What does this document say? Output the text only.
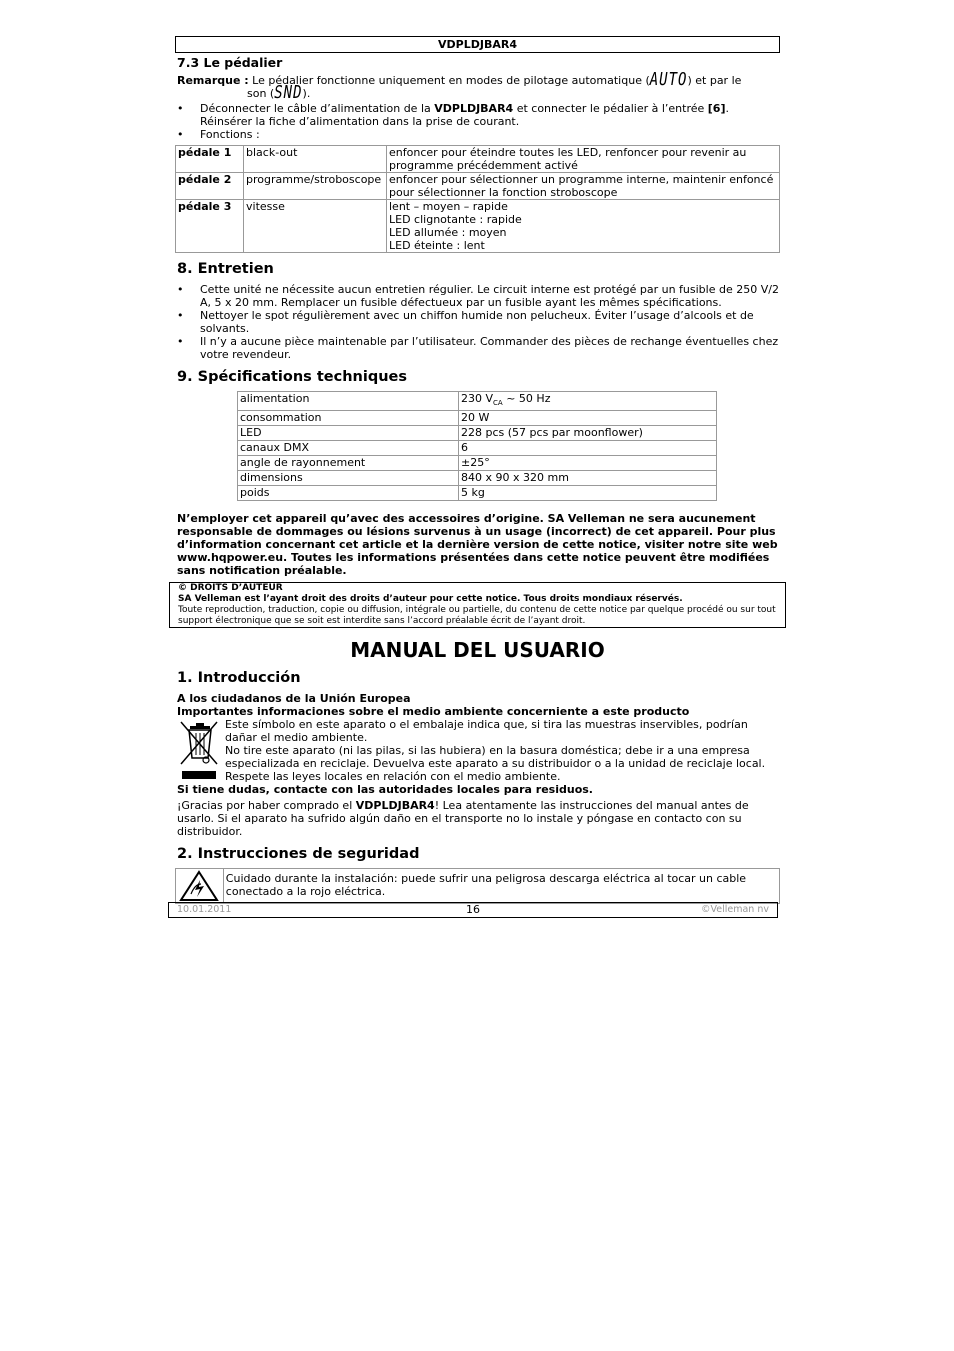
VDPLDJBAR4
7.3 Le pédalier

Remarque : Le pédalier fonctionne uniquement en modes de pilotage automatique (AUTO) et par le
son (SND).

• Déconnecter le câble d’alimentation de la VDPLDJBAR4 et connecter le pédalier à l’entrée [6]. Réinsérer la fiche d’alimentation dans la prise de courant.
• Fonctions :
pédale 1	black-out	enfoncer pour éteindre toutes les LED, renfoncer pour revenir au programme précédemment activé
pédale 2	programme/stroboscope	enfoncer pour sélectionner un programme interne, maintenir enfoncé pour sélectionner la fonction stroboscope
pédale 3	vitesse	lent – moyen – rapide
LED clignotante : rapide
LED allumée : moyen
LED éteinte : lent
8. Entretien
• Cette unité ne nécessite aucun entretien régulier. Le circuit interne est protégé par un fusible de 250 V/2 A, 5 x 20 mm. Remplacer un fusible défectueux par un fusible ayant les mêmes spécifications.
• Nettoyer le spot régulièrement avec un chiffon humide non pelucheux. Éviter l’usage d’alcools et de solvants.
• Il n’y a aucune pièce maintenable par l’utilisateur. Commander des pièces de rechange éventuelles chez votre revendeur.
9. Spécifications techniques
alimentation	230 $V_{CA}$ ~ 50 Hz
consommation	20 W
LED	228 pcs (57 pcs par moonflower)
canaux DMX	6
angle de rayonnement	±25°
dimensions	840 x 90 x 320 mm
poids	5 kg

N’employer cet appareil qu’avec des accessoires d’origine. SA Velleman ne sera aucunement responsable de dommages ou lésions survenus à un usage (incorrect) de cet appareil. Pour plus d’information concernant cet article et la dernière version de cette notice, visiter notre site web www.hqpower.eu. Toutes les informations présentées dans cette notice peuvent être modifiées sans notification préalable.

© DROITS D’AUTEUR
SA Velleman est l’ayant droit des droits d’auteur pour cette notice. Tous droits mondiaux réservés.
Toute reproduction, traduction, copie ou diffusion, intégrale ou partielle, du contenu de cette notice par quelque procédé ou sur tout support électronique que se soit est interdite sans l’accord préalable écrit de l’ayant droit.
MANUAL DEL USUARIO
1. Introducción

A los ciudadanos de la Unión Europea

Importantes informaciones sobre el medio ambiente concerniente a este producto

Este símbolo en este aparato o el embalaje indica que, si tira las muestras inservibles, podrían dañar el medio ambiente.

No tire este aparato (ni las pilas, si las hubiera) en la basura doméstica; debe ir a una empresa especializada en reciclaje. Devuelva este aparato a su distribuidor o a la unidad de reciclaje local. Respete las leyes locales en relación con el medio ambiente.

Si tiene dudas, contacte con las autoridades locales para residuos.

¡Gracias por haber comprado el VDPLDJBAR4! Lea atentamente las instrucciones del manual antes de usarlo. Si el aparato ha sufrido algún daño en el transporte no lo instale y póngase en contacto con su distribuidor.

2. Instrucciones de seguridad
Cuidado durante la instalación: puede sufrir una peligrosa descarga eléctrica al tocar un cable conectado a la rojo eléctrica.
10.01.2011	16	©Velleman nv
